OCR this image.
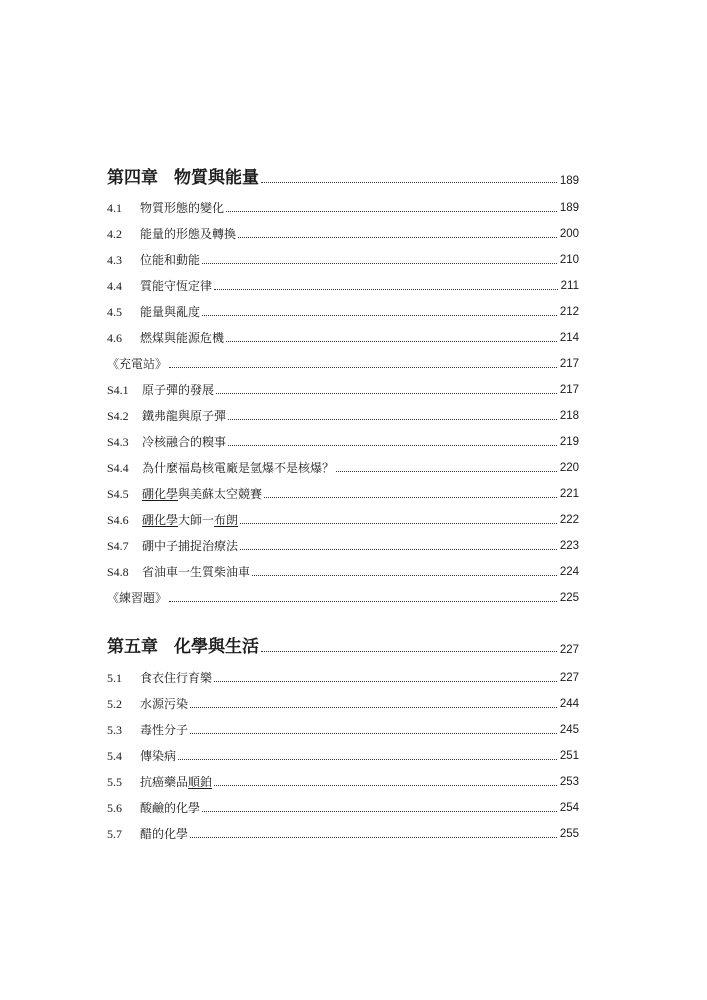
第四章 物質與能量	189
4.1	物質形態的變化	189
4.2	能量的形態及轉換	200
4.3	位能和動能	210
4.4	質能守恆定律	211
4.5	能量與亂度	212
4.6	燃煤與能源危機	214
《充電站》	217
S4.1	原子彈的發展	217
S4.2	鐵弗龍與原子彈	218
S4.3	冷核融合的糗事	219
S4.4	為什麼福島核電廠是氫爆不是核爆？	220
S4.5	硼化學與美蘇太空競賽	221
S4.6	硼化學大師一布朗	222
S4.7	硼中子捕捉治療法	223
S4.8	省油車一生質柴油車	224
《練習題》	225
第五章 化學與生活	227
5.1	食衣住行育樂	227
5.2	水源污染	244
5.3	毒性分子	245
5.4	傳染病	251
5.5	抗癌藥品順鉑	253
5.6	酸鹼的化學	254
5.7	醋的化學	255
